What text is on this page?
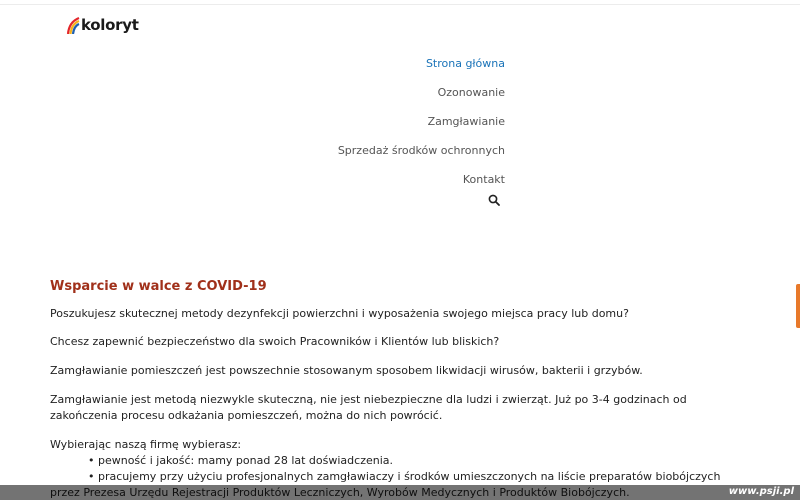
koloryt
Strona główna
Ozonowanie
Zamgławianie
Sprzedaż środków ochronnych
Kontakt
Wsparcie w walce z COVID-19
Poszukujesz skutecznej metody dezynfekcji powierzchni i wyposażenia swojego miejsca pracy lub domu?
Chcesz zapewnić bezpieczeństwo dla swoich Pracowników i Klientów lub bliskich?
Zamgławianie pomieszczeń jest powszechnie stosowanym sposobem likwidacji wirusów, bakterii i grzybów.
Zamgławianie jest metodą niezwykle skuteczną, nie jest niebezpieczne dla ludzi i zwierząt. Już po 3-4 godzinach od
zakończenia procesu odkażania pomieszczeń, można do nich powrócić.
Wybierając naszą firmę wybierasz:
• pewność i jakość: mamy ponad 28 lat doświadczenia.
• pracujemy przy użyciu profesjonalnych zamgławiaczy i środków umieszczonych na liście preparatów biobójczych
www.psji.pl
